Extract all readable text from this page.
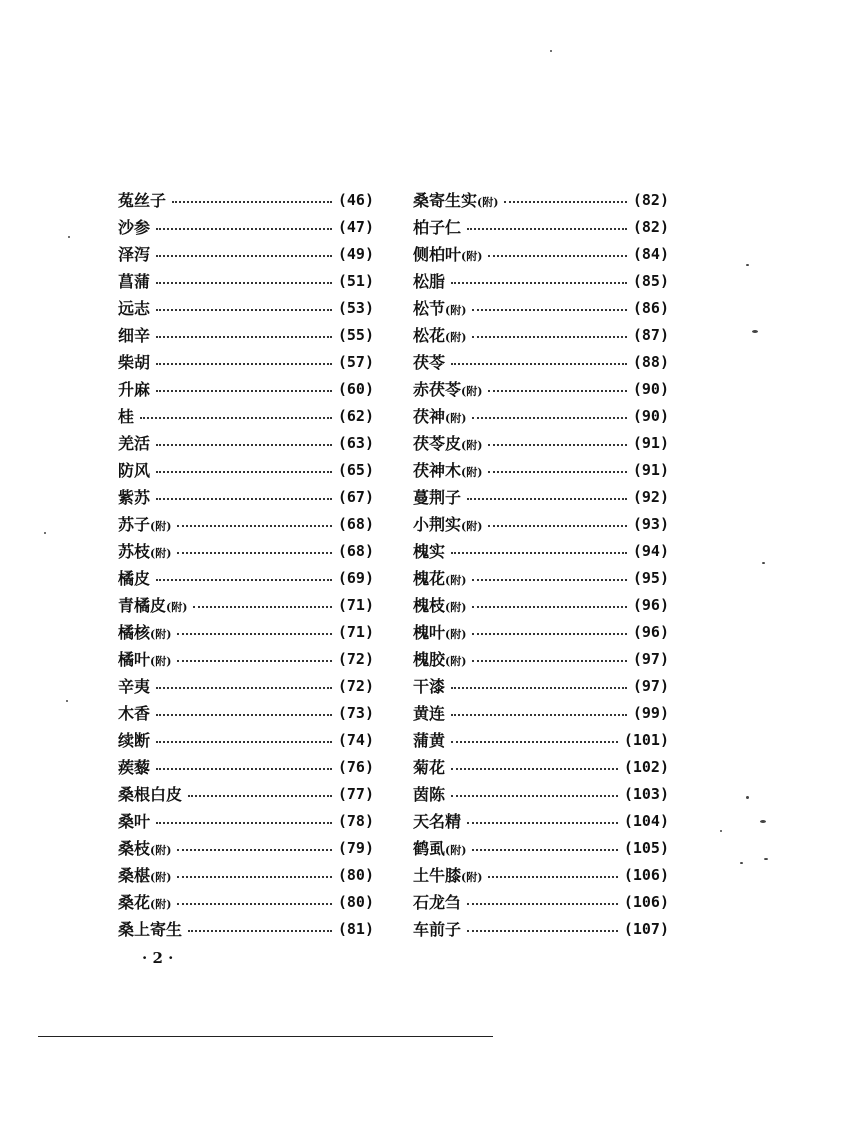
菟丝子	(46)
沙参	(47)
泽泻	(49)
菖蒲	(51)
远志	(53)
细辛	(55)
柴胡	(57)
升麻	(60)
桂	(62)
羌活	(63)
防风	(65)
紫苏	(67)
苏子(附)	(68)
苏枝(附)	(68)
橘皮	(69)
青橘皮(附)	(71)
橘核(附)	(71)
橘叶(附)	(72)
辛夷	(72)
木香	(73)
续断	(74)
蒺藜	(76)
桑根白皮	(77)
桑叶	(78)
桑枝(附)	(79)
桑椹(附)	(80)
桑花(附)	(80)
桑上寄生	(81)
桑寄生实(附)	(82)
柏子仁	(82)
侧柏叶(附)	(84)
松脂	(85)
松节(附)	(86)
松花(附)	(87)
茯苓	(88)
赤茯苓(附)	(90)
茯神(附)	(90)
茯苓皮(附)	(91)
茯神木(附)	(91)
蔓荆子	(92)
小荆实(附)	(93)
槐实	(94)
槐花(附)	(95)
槐枝(附)	(96)
槐叶(附)	(96)
槐胶(附)	(97)
干漆	(97)
黄连	(99)
蒲黄	(101)
菊花	(102)
茵陈	(103)
天名精	(104)
鹤虱(附)	(105)
土牛膝(附)	(106)
石龙刍	(106)
车前子	(107)
· 2 ·
